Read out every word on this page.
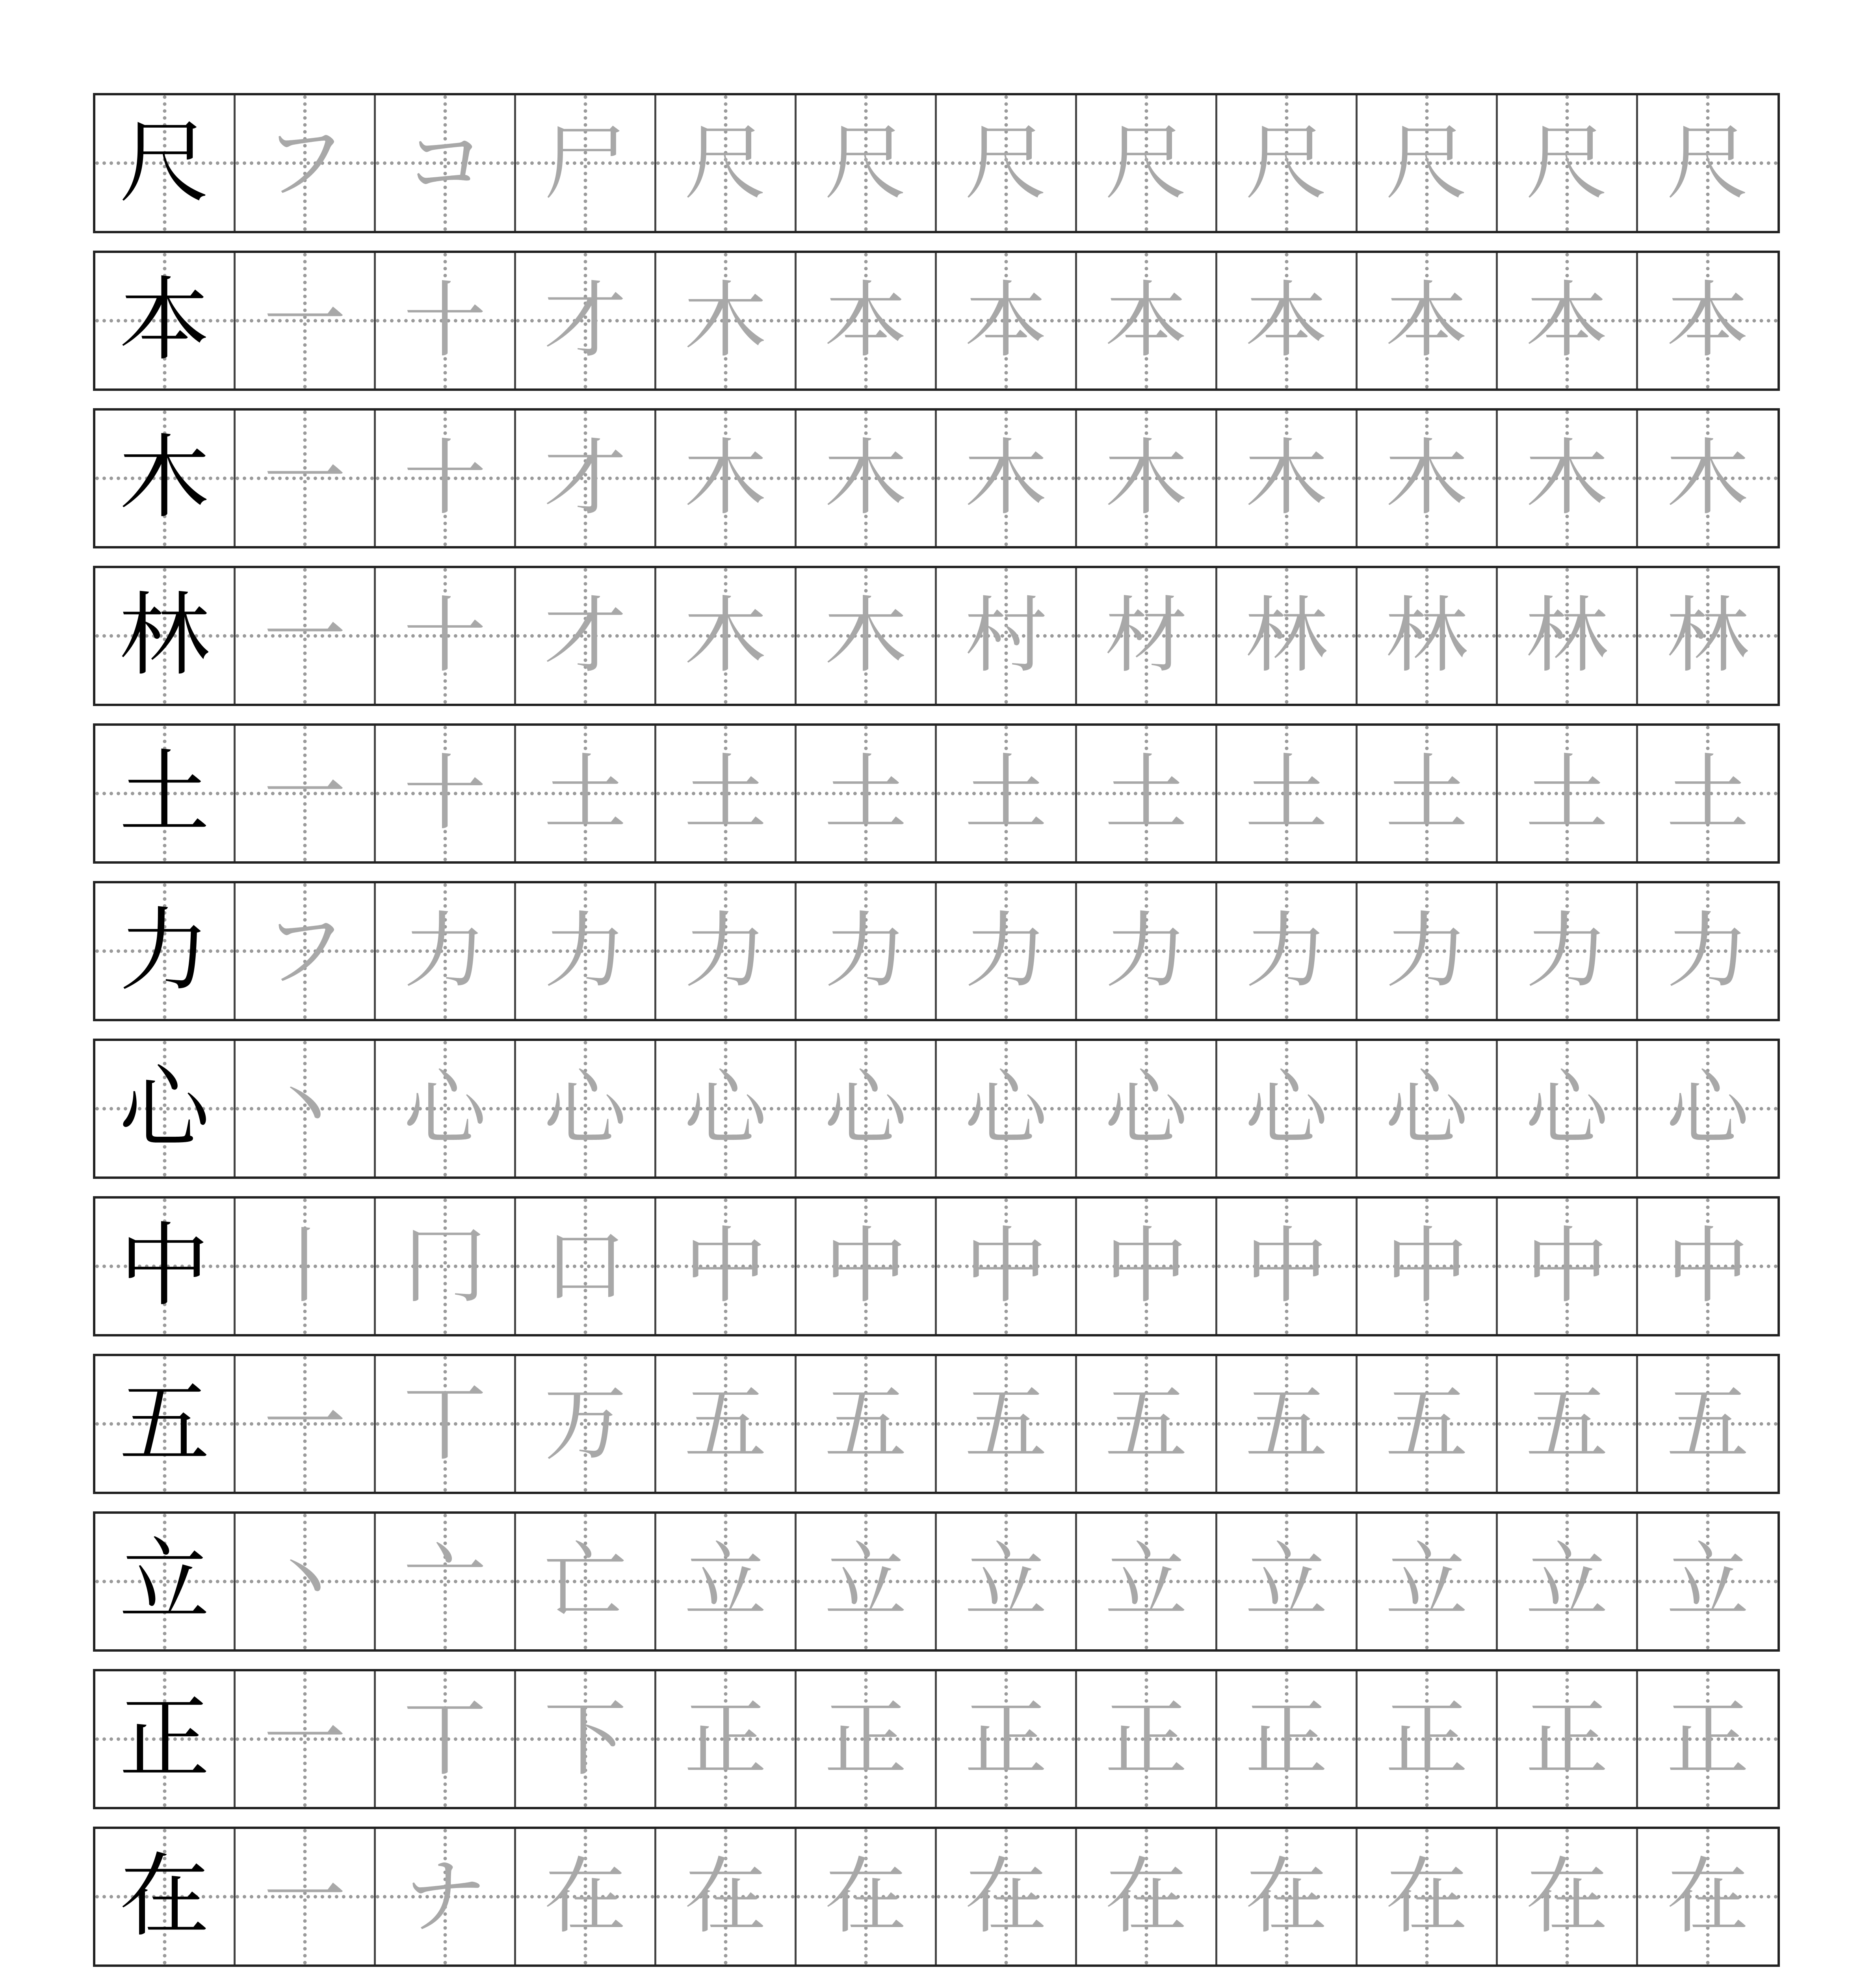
尺 フ コ 尸 尺 尺 尺 尺 尺 尺 尺 尺
本 一 十 才 木 本 本 本 本 本 本 本
木 一 十 才 木 木 木 木 木 木 木 木
林 一 十 才 木 木 村 材 林 林 林 林
土 一 十 土 土 土 土 土 土 土 土 土
力 フ 力 力 力 力 力 力 力 力 力 力
心 丶 心 心 心 心 心 心 心 心 心 心
中 丨 冂 口 中 中 中 中 中 中 中 中
五 一 丅 万 五 五 五 五 五 五 五 五
立 丶 亠 亡 立 立 立 立 立 立 立 立
正 一 丅 下 正 正 正 正 正 正 正 正
在 一 ナ 在 在 在 在 在 在 在 在 在
